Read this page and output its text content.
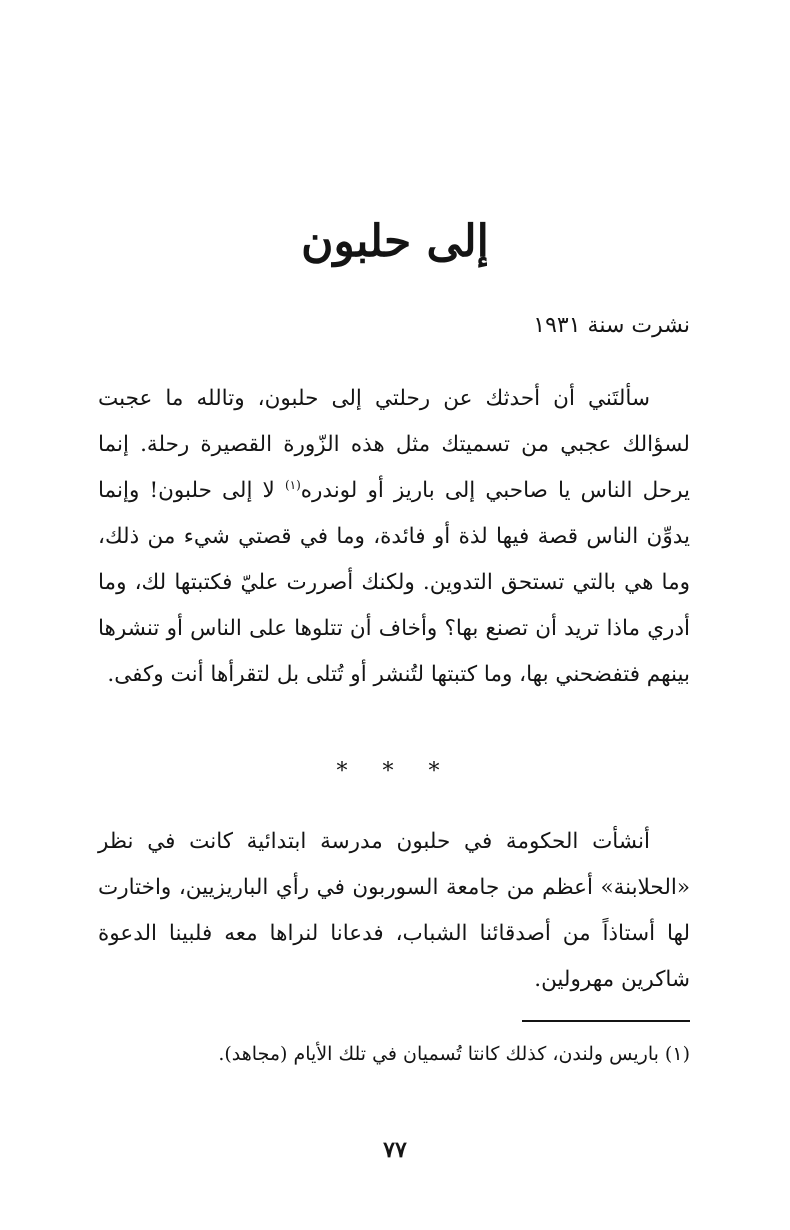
إلى حلبون

نشرت سنة ١٩٣١

سألتَني أن أحدثك عن رحلتي إلى حلبون، وتالله ما عجبت لسؤالك عجبي من تسميتك مثل هذه الزّورة القصيرة رحلة. إنما يرحل الناس يا صاحبي إلى باريز أو لوندره$^{(١)}$ لا إلى حلبون! وإنما يدوِّن الناس قصة فيها لذة أو فائدة، وما في قصتي شيء من ذلك، وما هي بالتي تستحق التدوين. ولكنك أصررت عليّ فكتبتها لك، وما أدري ماذا تريد أن تصنع بها؟ وأخاف أن تتلوها على الناس أو تنشرها بينهم فتفضحني بها، وما كتبتها لتُنشر أو تُتلى بل لتقرأها أنت وكفى.

* * *

أنشأت الحكومة في حلبون مدرسة ابتدائية كانت في نظر «الحلابنة» أعظم من جامعة السوربون في رأي الباريزيين، واختارت لها أستاذاً من أصدقائنا الشباب، فدعانا لنراها معه فلبينا الدعوة شاكرين مهرولين.

(١) باريس ولندن، كذلك كانتا تُسميان في تلك الأيام (مجاهد).

٧٧
